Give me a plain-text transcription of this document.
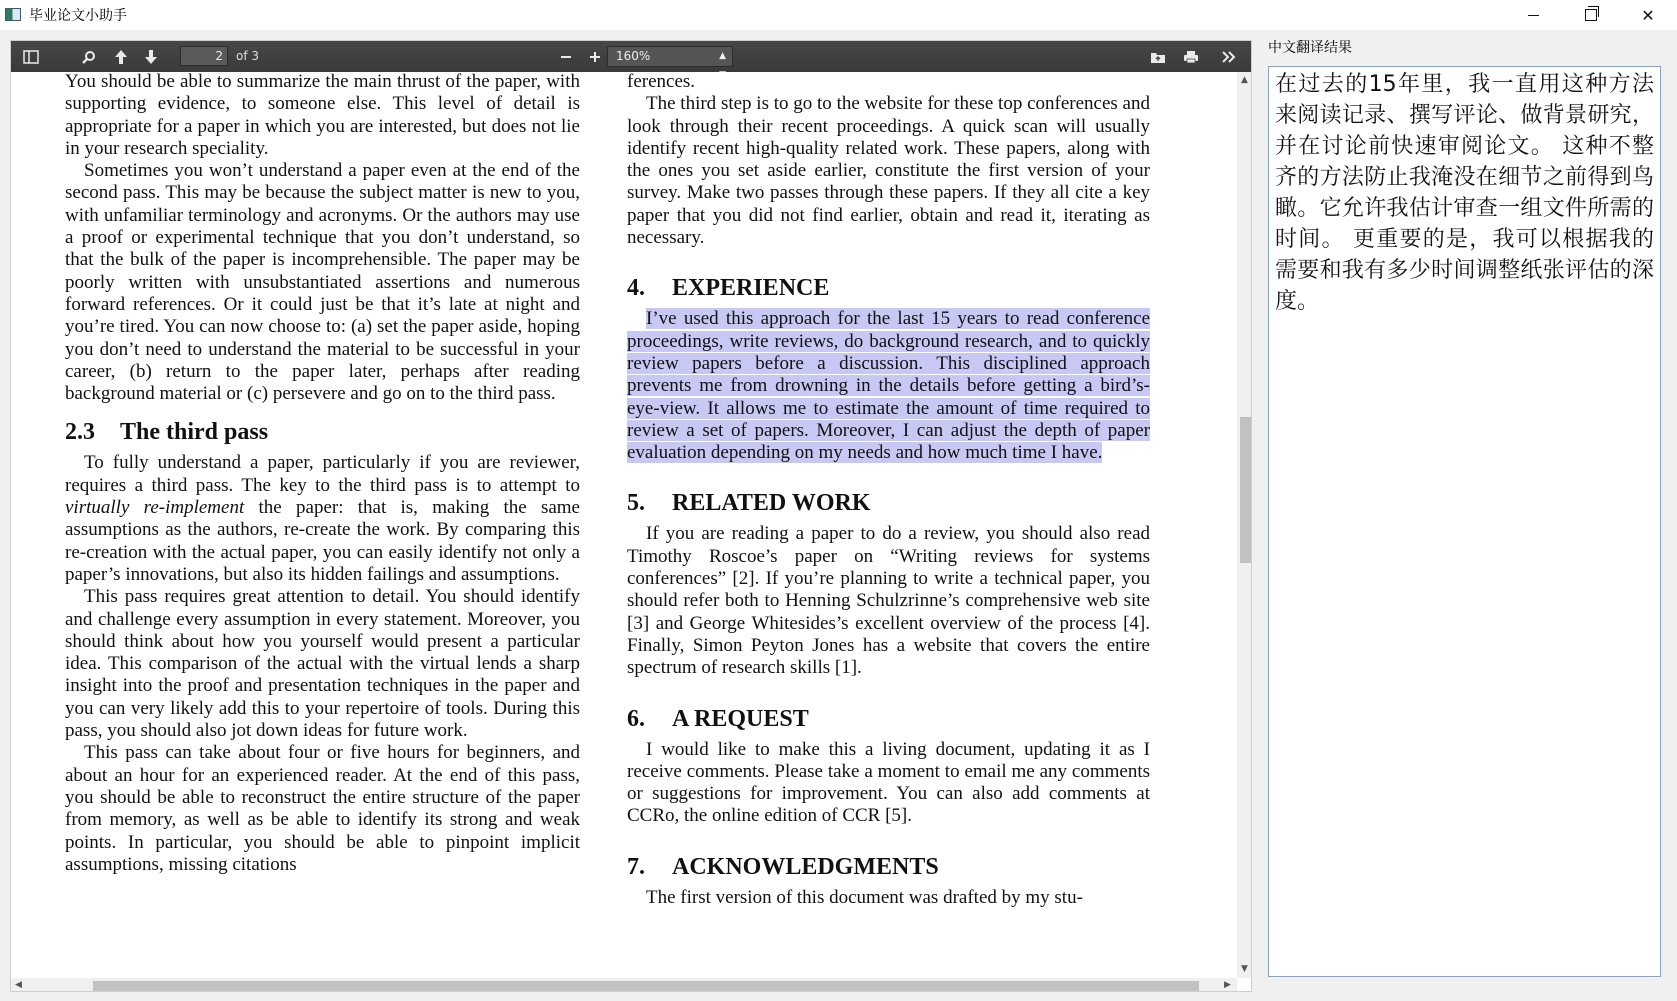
毕业论文小助手	✕
2	of 3	160%	▲

You should be able to summarize the main thrust of the paper, with supporting evidence, to someone else. This level of detail is appropriate for a paper in which you are interested, but does not lie in your research speciality.

Sometimes you won’t understand a paper even at the end of the second pass. This may be because the subject matter is new to you, with unfamiliar terminology and acronyms. Or the authors may use a proof or experimental technique that you don’t understand, so that the bulk of the paper is incomprehensible. The paper may be poorly written with unsubstantiated assertions and numerous forward references. Or it could just be that it’s late at night and you’re tired. You can now choose to: (a) set the paper aside, hoping you don’t need to understand the material to be successful in your career, (b) return to the paper later, perhaps after reading background material or (c) persevere and go on to the third pass.

2.3 The third pass

To fully understand a paper, particularly if you are reviewer, requires a third pass. The key to the third pass is to attempt to virtually re-implement the paper: that is, making the same assumptions as the authors, re-create the work. By comparing this re-creation with the actual paper, you can easily identify not only a paper’s innovations, but also its hidden failings and assumptions.

This pass requires great attention to detail. You should identify and challenge every assumption in every statement. Moreover, you should think about how you yourself would present a particular idea. This comparison of the actual with the virtual lends a sharp insight into the proof and presentation techniques in the paper and you can very likely add this to your repertoire of tools. During this pass, you should also jot down ideas for future work.

This pass can take about four or five hours for beginners, and about an hour for an experienced reader. At the end of this pass, you should be able to reconstruct the entire structure of the paper from memory, as well as be able to identify its strong and weak points. In particular, you should be able to pinpoint implicit assumptions, missing citations

ferences.

The third step is to go to the website for these top conferences and look through their recent proceedings. A quick scan will usually identify recent high-quality related work. These papers, along with the ones you set aside earlier, constitute the first version of your survey. Make two passes through these papers. If they all cite a key paper that you did not find earlier, obtain and read it, iterating as necessary.

4. EXPERIENCE

I’ve used this approach for the last 15 years to read conference proceedings, write reviews, do background research, and to quickly review papers before a discussion. This disciplined approach prevents me from drowning in the details before getting a bird’s-eye-view. It allows me to estimate the amount of time required to review a set of papers. Moreover, I can adjust the depth of paper evaluation depending on my needs and how much time I have.

5. RELATED WORK

If you are reading a paper to do a review, you should also read Timothy Roscoe’s paper on “Writing reviews for systems conferences” [2]. If you’re planning to write a technical paper, you should refer both to Henning Schulzrinne’s comprehensive web site [3] and George Whitesides’s excellent overview of the process [4]. Finally, Simon Peyton Jones has a website that covers the entire spectrum of research skills [1].

6. A REQUEST

I would like to make this a living document, updating it as I receive comments. Please take a moment to email me any comments or suggestions for improvement. You can also add comments at CCRo, the online edition of CCR [5].

7. ACKNOWLEDGMENTS

The first version of this document was drafted by my stu-

▲
▼
◀	▶
中文翻译结果
在过去的15年里，我一直用这种方法来阅读记录、撰写评论、做背景研究，并在讨论前快速审阅论文。 这种不整齐的方法防止我淹没在细节之前得到鸟瞰。它允许我估计审查一组文件所需的时间。 更重要的是，我可以根据我的需要和我有多少时间调整纸张评估的深度。
